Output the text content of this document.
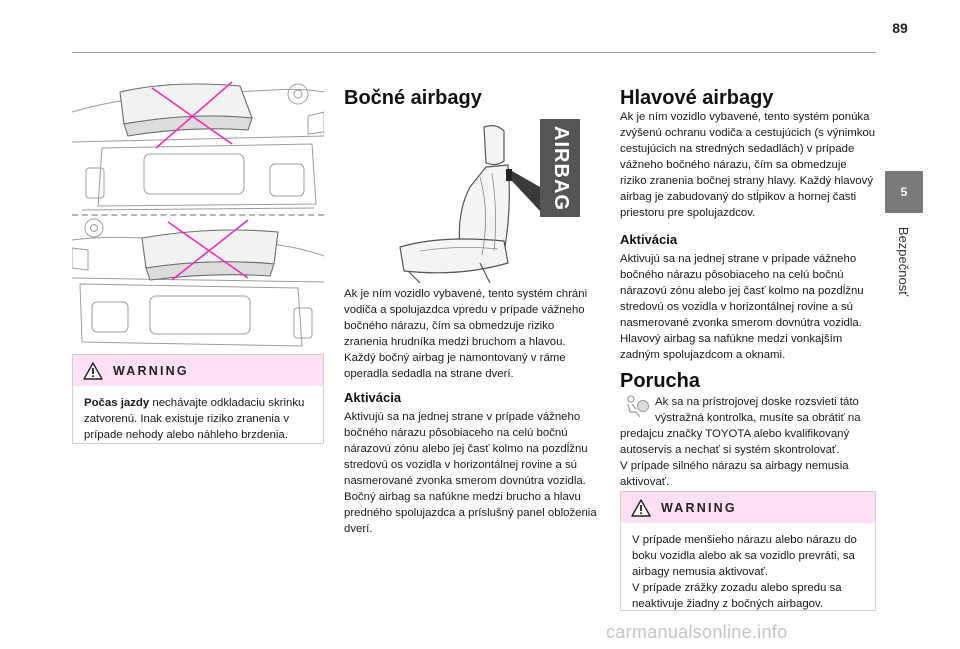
89
5
Bezpečnosť
WARNING
Počas jazdy nechávajte odkladaciu skrinku zatvorenú. Inak existuje riziko zranenia v prípade nehody alebo náhleho brzdenia.
Bočné airbagy
AIRBAG

Ak je ním vozidlo vybavené, tento systém chráni vodiča a spolujazdca vpredu v prípade vážneho bočného nárazu, čím sa obmedzuje riziko zranenia hrudníka medzi bruchom a hlavou. Každý bočný airbag je namontovaný v ráme operadla sedadla na strane dverí.

Aktivácia

Aktivujú sa na jednej strane v prípade vážneho bočného nárazu pôsobiaceho na celú bočnú nárazovú zónu alebo jej časť kolmo na pozdĺžnu stredovú os vozidla v horizontálnej rovine a sú nasmerované zvonka smerom dovnútra vozidla. Bočný airbag sa nafúkne medzi brucho a hlavu predného spolujazdca a príslušný panel obloženia dverí.

Hlavové airbagy

Ak je ním vozidlo vybavené, tento systém ponúka zvýšenú ochranu vodiča a cestujúcich (s výnimkou cestujúcich na stredných sedadlách) v prípade vážneho bočného nárazu, čím sa obmedzuje riziko zranenia bočnej strany hlavy. Každý hlavový airbag je zabudovaný do stĺpikov a hornej časti priestoru pre spolujazdcov.

Aktivácia

Aktivujú sa na jednej strane v prípade vážneho bočného nárazu pôsobiaceho na celú bočnú nárazovú zónu alebo jej časť kolmo na pozdĺžnu stredovú os vozidla v horizontálnej rovine a sú nasmerované zvonka smerom dovnútra vozidla. Hlavový airbag sa nafúkne medzi vonkajším zadným spolujazdcom a oknami.

Porucha

Ak sa na prístrojovej doske rozsvieti táto

výstražná kontrolka, musíte sa obrátiť na

predajcu značky TOYOTA alebo kvalifikovaný autoservis a nechať si systém skontrolovať.

V prípade silného nárazu sa airbagy nemusia aktivovať.

WARNING
V prípade menšieho nárazu alebo nárazu do boku vozidla alebo ak sa vozidlo prevráti, sa airbagy nemusia aktivovať.
V prípade zrážky zozadu alebo spredu sa neaktivuje žiadny z bočných airbagov.
carmanualsonline.info
